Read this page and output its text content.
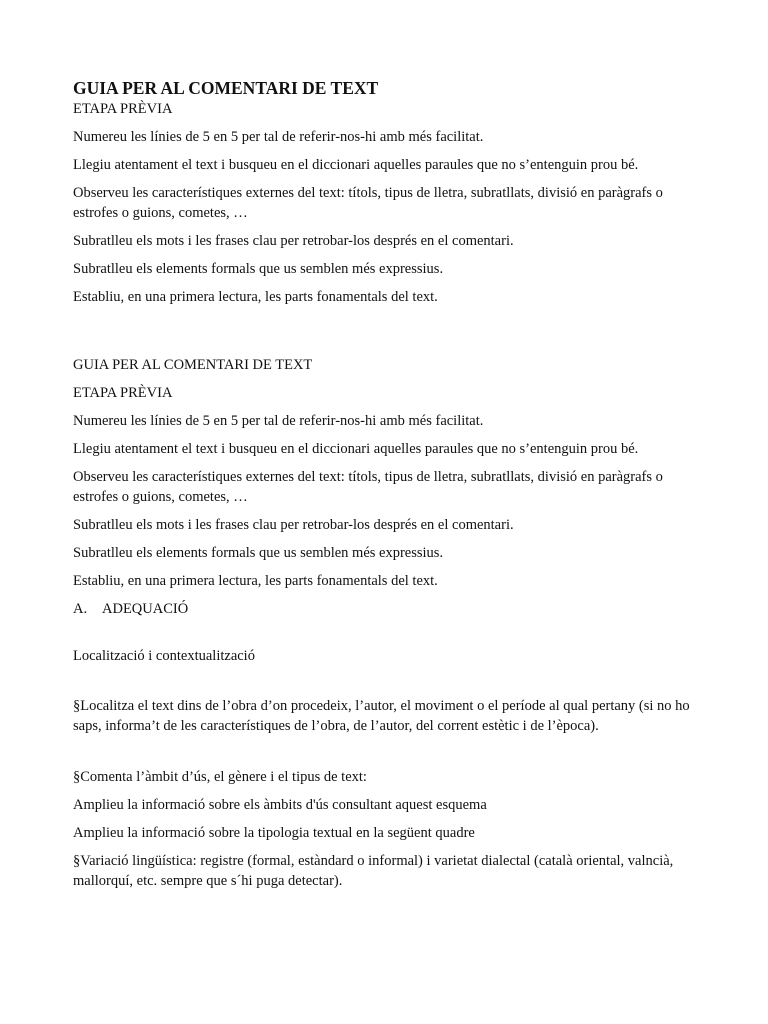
GUIA PER AL COMENTARI DE TEXT
ETAPA PRÈVIA
Numereu les línies de 5 en 5 per tal de referir-nos-hi amb més facilitat.
Llegiu atentament el text i busqueu en el diccionari aquelles paraules que no s’entenguin prou bé.
Observeu les característiques externes del text: títols, tipus de lletra, subratllats, divisió en paràgrafs o estrofes o guions, cometes, …
Subratlleu els mots i les frases clau per retrobar-los després en el comentari.
Subratlleu els elements formals que us semblen més expressius.
Establiu, en una primera lectura, les parts fonamentals del text.
GUIA PER AL COMENTARI DE TEXT
ETAPA PRÈVIA
Numereu les línies de 5 en 5 per tal de referir-nos-hi amb més facilitat.
Llegiu atentament el text i busqueu en el diccionari aquelles paraules que no s’entenguin prou bé.
Observeu les característiques externes del text: títols, tipus de lletra, subratllats, divisió en paràgrafs o estrofes o guions, cometes, …
Subratlleu els mots i les frases clau per retrobar-los després en el comentari.
Subratlleu els elements formals que us semblen més expressius.
Establiu, en una primera lectura, les parts fonamentals del text.
A.	ADEQUACIÓ
Localització i contextualització
§Localitza el text dins de l’obra d’on procedeix, l’autor, el moviment o el període al qual pertany (si no ho saps, informa’t de les característiques de l’obra, de l’autor, del corrent estètic i de l’època).
§Comenta l’àmbit d’ús, el gènere i el tipus de text:
Amplieu la informació sobre els àmbits d'ús consultant aquest esquema
Amplieu la informació sobre la tipologia textual en la següent quadre
§Variació lingüística: registre (formal, estàndard o informal) i varietat dialectal (català oriental, valncià, mallorquí, etc. sempre que s´hi puga detectar).
